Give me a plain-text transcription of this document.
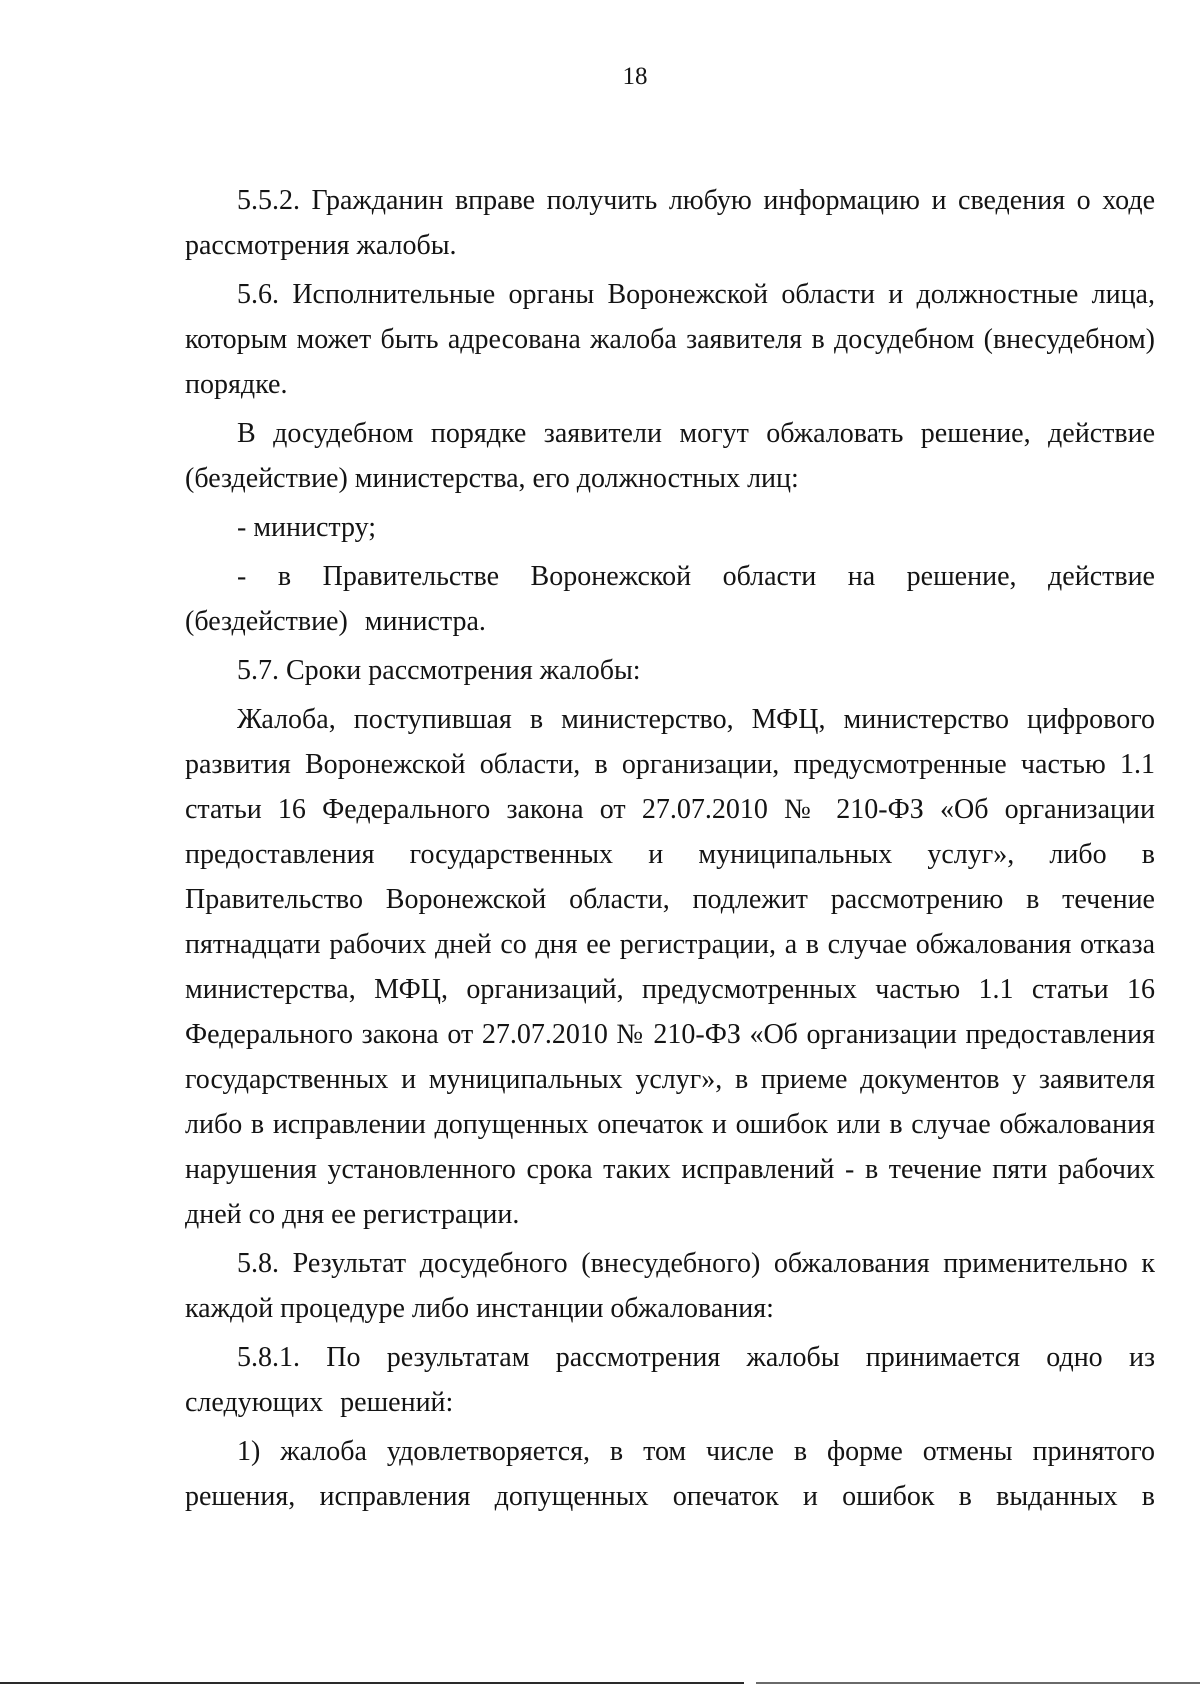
18

5.5.2. Гражданин вправе получить любую информацию и сведения о ходе рассмотрения жалобы.

5.6. Исполнительные органы Воронежской области и должностные лица, которым может быть адресована жалоба заявителя в досудебном (внесудебном) порядке.

В досудебном порядке заявители могут обжаловать решение, действие (бездействие) министерства, его должностных лиц:

- министру;

- в Правительстве Воронежской области на решение, действие (бездействие) министра.

5.7. Сроки рассмотрения жалобы:

Жалоба, поступившая в министерство, МФЦ, министерство цифрового развития Воронежской области, в организации, предусмотренные частью 1.1 статьи 16 Федерального закона от 27.07.2010 № 210-ФЗ «Об организации предоставления государственных и муниципальных услуг», либо в Правительство Воронежской области, подлежит рассмотрению в течение пятнадцати рабочих дней со дня ее регистрации, а в случае обжалования отказа министерства, МФЦ, организаций, предусмотренных частью 1.1 статьи 16 Федерального закона от 27.07.2010 № 210-ФЗ «Об организации предоставления государственных и муниципальных услуг», в приеме документов у заявителя либо в исправлении допущенных опечаток и ошибок или в случае обжалования нарушения установленного срока таких исправлений - в течение пяти рабочих дней со дня ее регистрации.

5.8. Результат досудебного (внесудебного) обжалования применительно к каждой процедуре либо инстанции обжалования:

5.8.1. По результатам рассмотрения жалобы принимается одно из следующих решений:

1) жалоба удовлетворяется, в том числе в форме отмены принятого решения, исправления допущенных опечаток и ошибок в выданных в
